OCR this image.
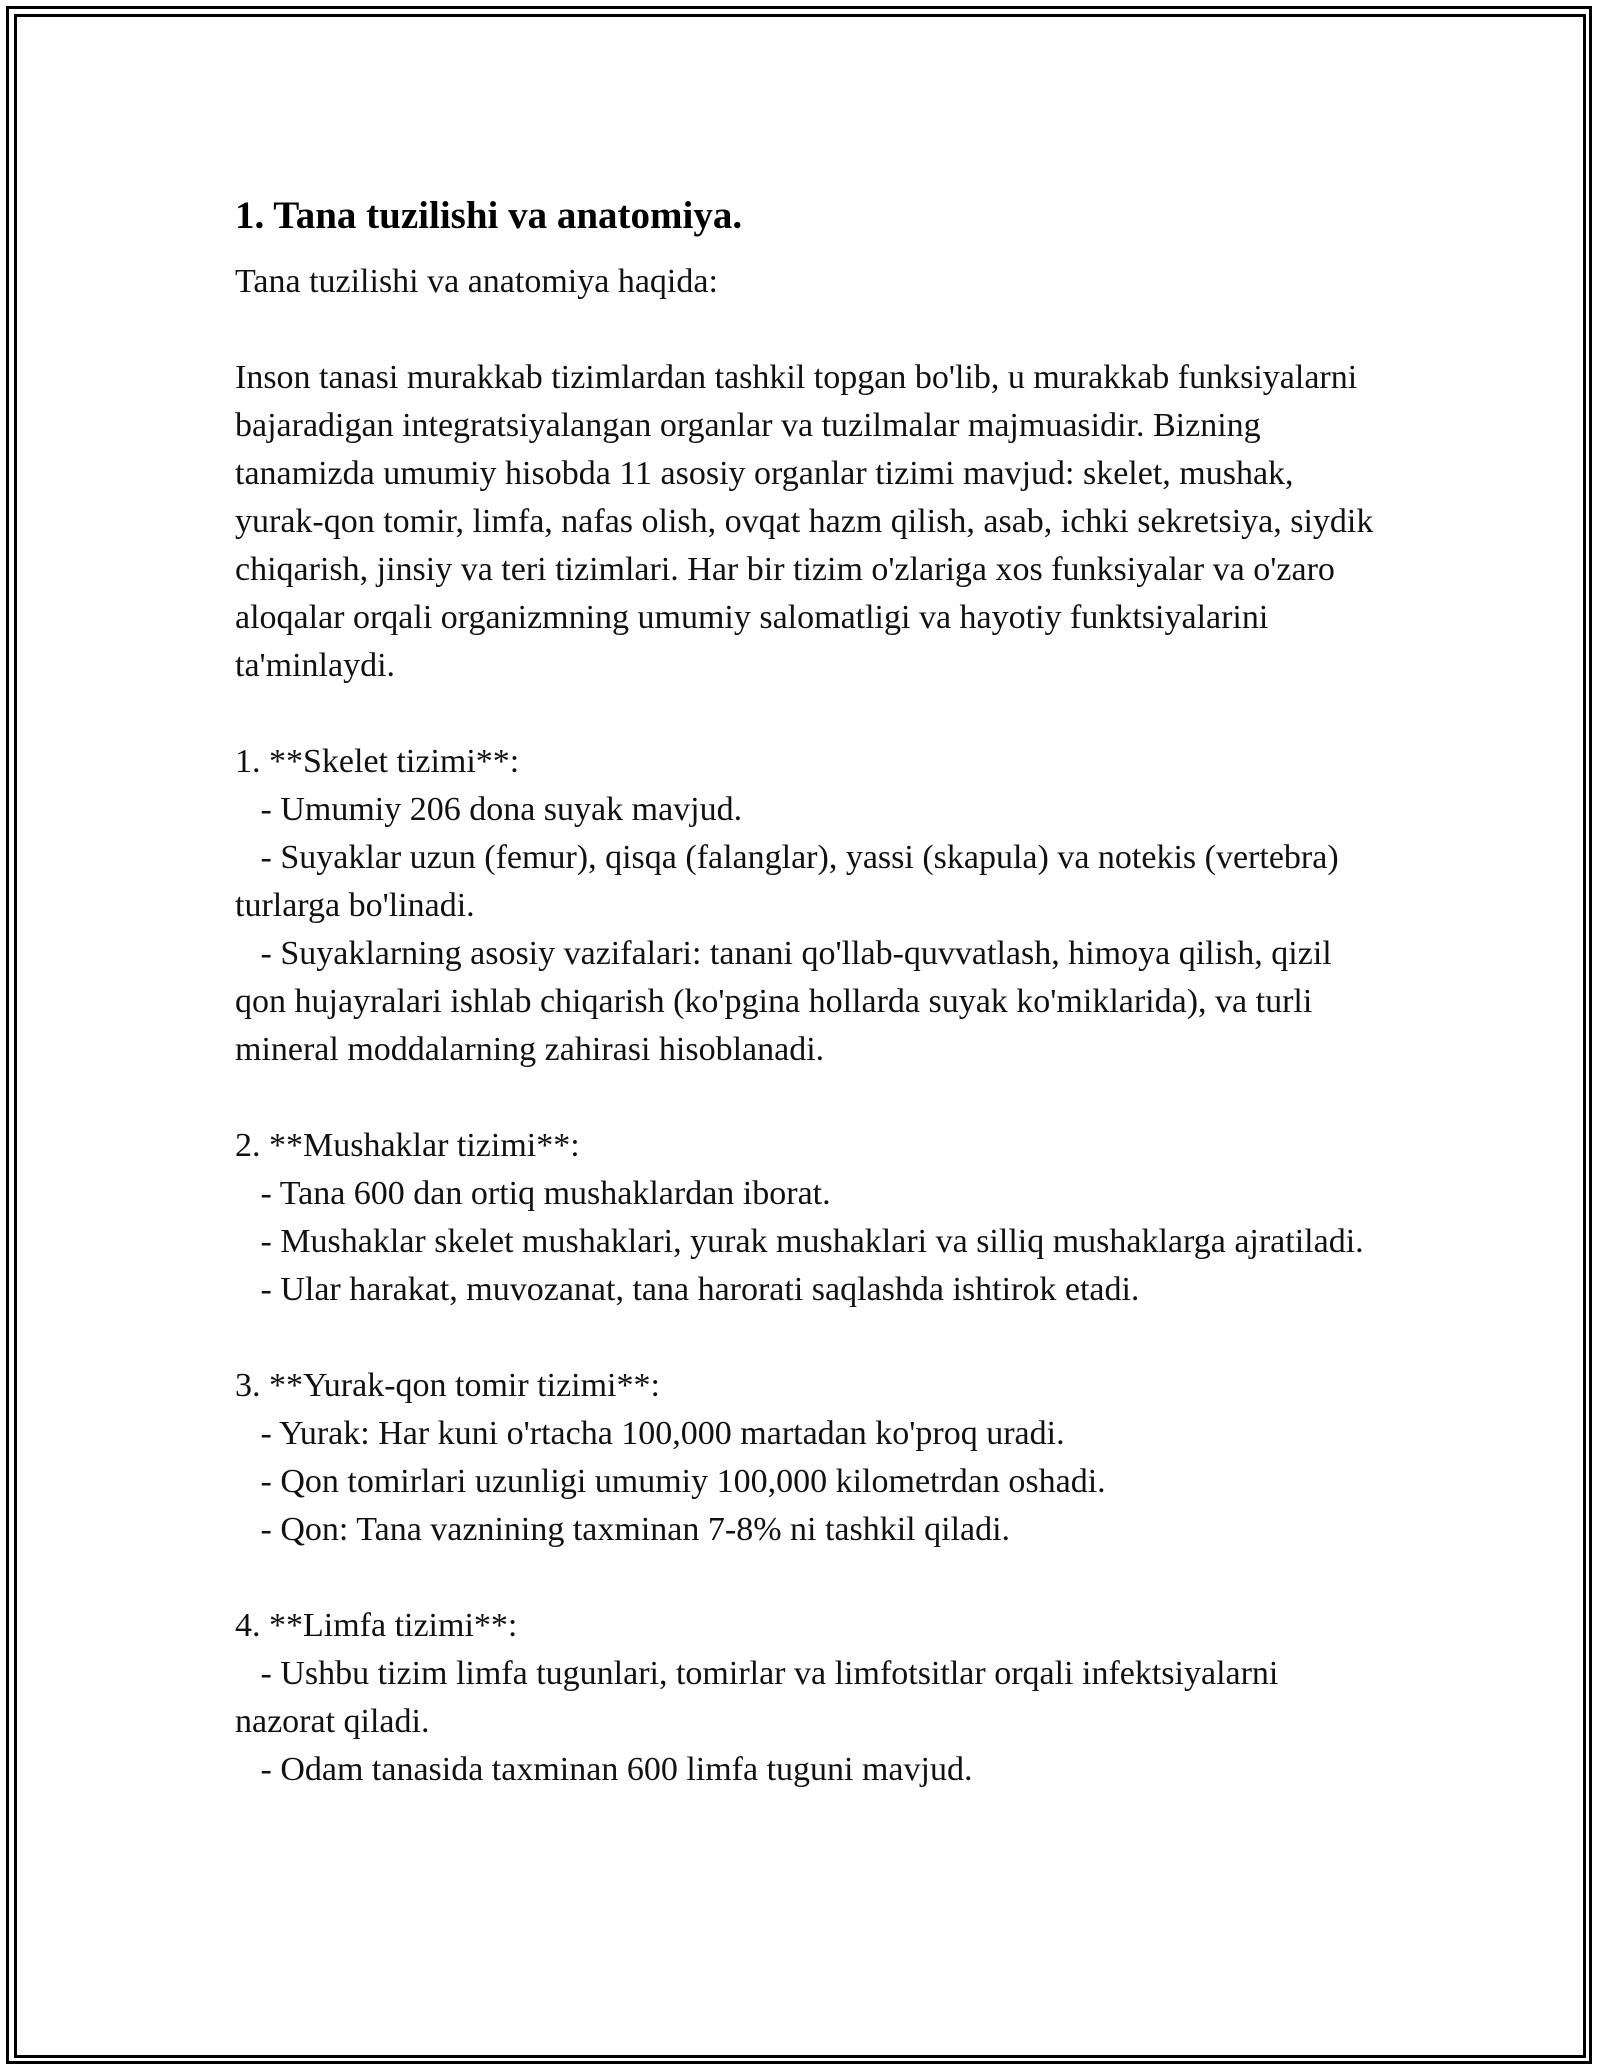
1. Tana tuzilishi va anatomiya.

Tana tuzilishi va anatomiya haqida:

Inson tanasi murakkab tizimlardan tashkil topgan bo'lib, u murakkab funksiyalarni bajaradigan integratsiyalangan organlar va tuzilmalar majmuasidir. Bizning tanamizda umumiy hisobda 11 asosiy organlar tizimi mavjud: skelet, mushak, yurak-qon tomir, limfa, nafas olish, ovqat hazm qilish, asab, ichki sekretsiya, siydik chiqarish, jinsiy va teri tizimlari. Har bir tizim o'zlariga xos funksiyalar va o'zaro aloqalar orqali organizmning umumiy salomatligi va hayotiy funktsiyalarini ta'minlaydi.

1. **Skelet tizimi**:

- Umumiy 206 dona suyak mavjud.

- Suyaklar uzun (femur), qisqa (falanglar), yassi (skapula) va notekis (vertebra) turlarga bo'linadi.

- Suyaklarning asosiy vazifalari: tanani qo'llab-quvvatlash, himoya qilish, qizil qon hujayralari ishlab chiqarish (ko'pgina hollarda suyak ko'miklarida), va turli mineral moddalarning zahirasi hisoblanadi.

2. **Mushaklar tizimi**:

- Tana 600 dan ortiq mushaklardan iborat.

- Mushaklar skelet mushaklari, yurak mushaklari va silliq mushaklarga ajratiladi.

- Ular harakat, muvozanat, tana harorati saqlashda ishtirok etadi.

3. **Yurak-qon tomir tizimi**:

- Yurak: Har kuni o'rtacha 100,000 martadan ko'proq uradi.

- Qon tomirlari uzunligi umumiy 100,000 kilometrdan oshadi.

- Qon: Tana vaznining taxminan 7-8% ni tashkil qiladi.

4. **Limfa tizimi**:

- Ushbu tizim limfa tugunlari, tomirlar va limfotsitlar orqali infektsiyalarni nazorat qiladi.

- Odam tanasida taxminan 600 limfa tuguni mavjud.
